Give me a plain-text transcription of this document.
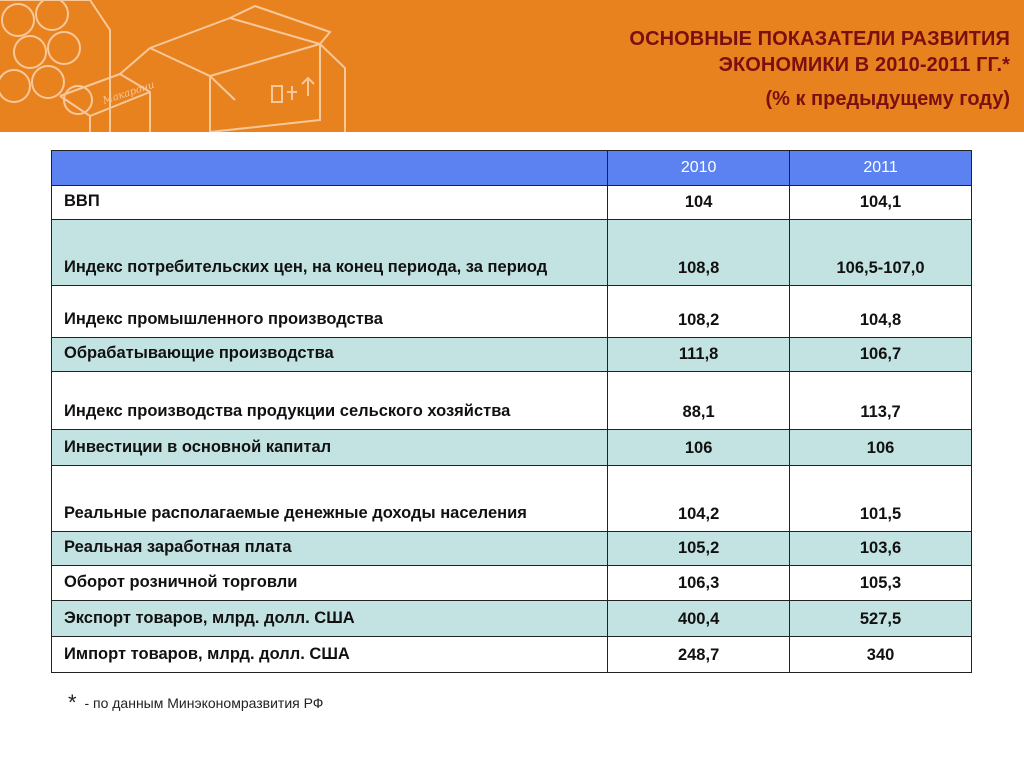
Макарони
ОСНОВНЫЕ ПОКАЗАТЕЛИ РАЗВИТИЯ
ЭКОНОМИКИ В 2010-2011 ГГ.*
(% к предыдущему году)
	2010	2011
ВВП	104	104,1
Индекс потребительских цен, на конец периода, за период	108,8	106,5-107,0
Индекс промышленного производства	108,2	104,8
Обрабатывающие производства	111,8	106,7
Индекс производства продукции сельского хозяйства	88,1	113,7
Инвестиции в основной капитал	106	106
Реальные располагаемые денежные доходы населения	104,2	101,5
Реальная заработная плата	105,2	103,6
Оборот розничной торговли	106,3	105,3
Экспорт товаров, млрд. долл. США	400,4	527,5
Импорт товаров, млрд. долл. США	248,7	340
* - по данным Минэкономразвития РФ
